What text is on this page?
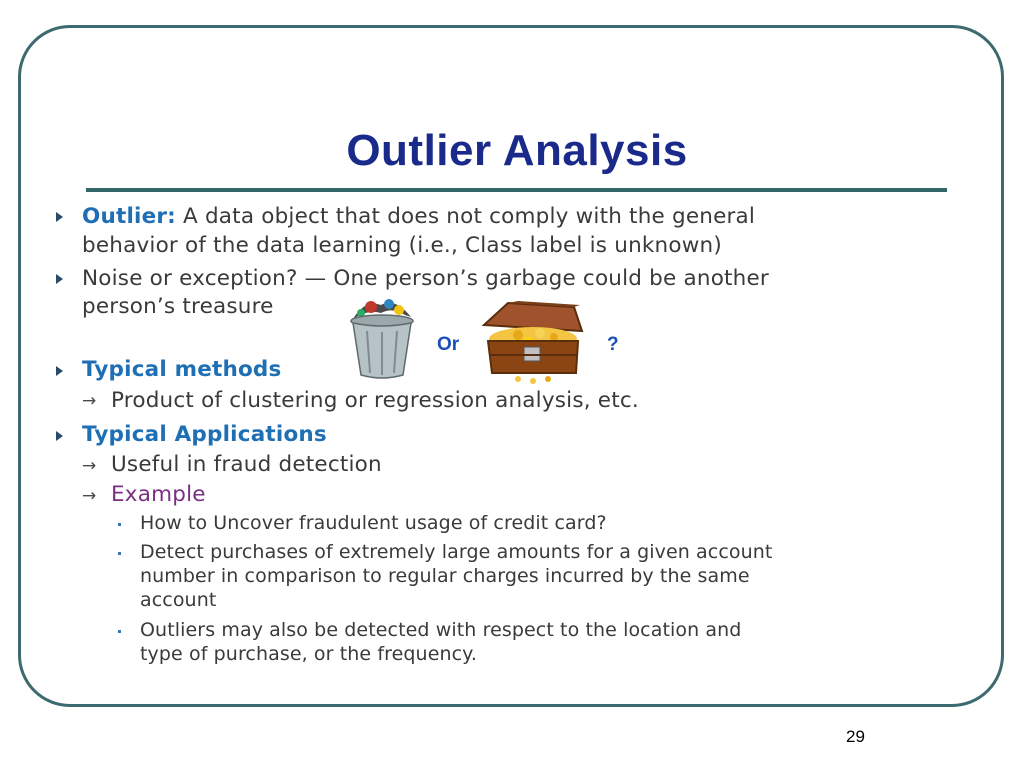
Outlier Analysis
Outlier: A data object that does not comply with the general
behavior of the data learning (i.e., Class label is unknown)
Noise or exception? — One person’s garbage could be another
person’s treasure
Or	?
Typical methods
→ Product of clustering or regression analysis, etc.
Typical Applications
→ Useful in fraud detection
→ Example
How to Uncover fraudulent usage of credit card?
Detect purchases of extremely large amounts for a given account
number in comparison to regular charges incurred by the same
account
Outliers may also be detected with respect to the location and
type of purchase, or the frequency.
29
